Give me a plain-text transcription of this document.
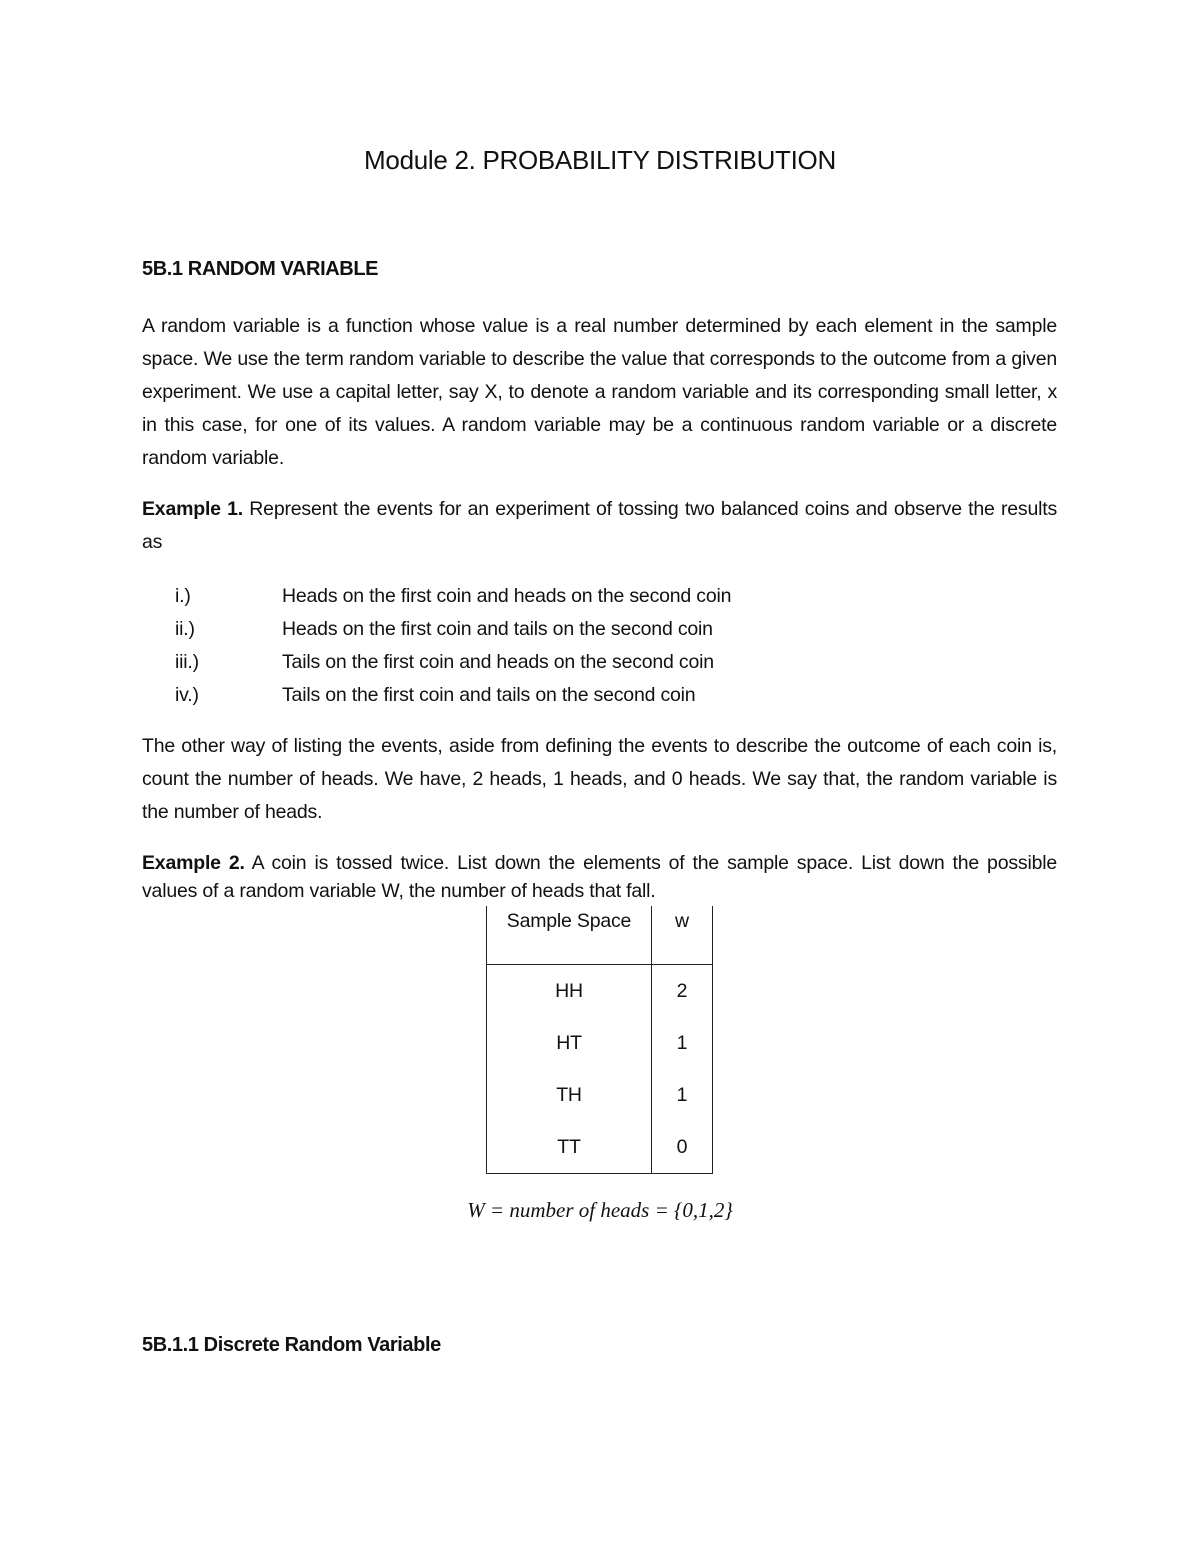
Module 2. PROBABILITY DISTRIBUTION
5B.1 RANDOM VARIABLE
A random variable is a function whose value is a real number determined by each element in the sample space. We use the term random variable to describe the value that corresponds to the outcome from a given experiment. We use a capital letter, say X, to denote a random variable and its corresponding small letter, x in this case, for one of its values. A random variable may be a continuous random variable or a discrete random variable.
Example 1. Represent the events for an experiment of tossing two balanced coins and observe the results as
i.)	Heads on the first coin and heads on the second coin
ii.)	Heads on the first coin and tails on the second coin
iii.)	Tails on the first coin and heads on the second coin
iv.)	Tails on the first coin and tails on the second coin
The other way of listing the events, aside from defining the events to describe the outcome of each coin is, count the number of heads. We have, 2 heads, 1 heads, and 0 heads. We say that, the random variable is the number of heads.
Example 2. A coin is tossed twice. List down the elements of the sample space. List down the possible values of a random variable W, the number of heads that fall.
Sample Space	w
HH	2
HT	1
TH	1
TT	0
W = number of heads = {0,1,2}
5B.1.1 Discrete Random Variable
